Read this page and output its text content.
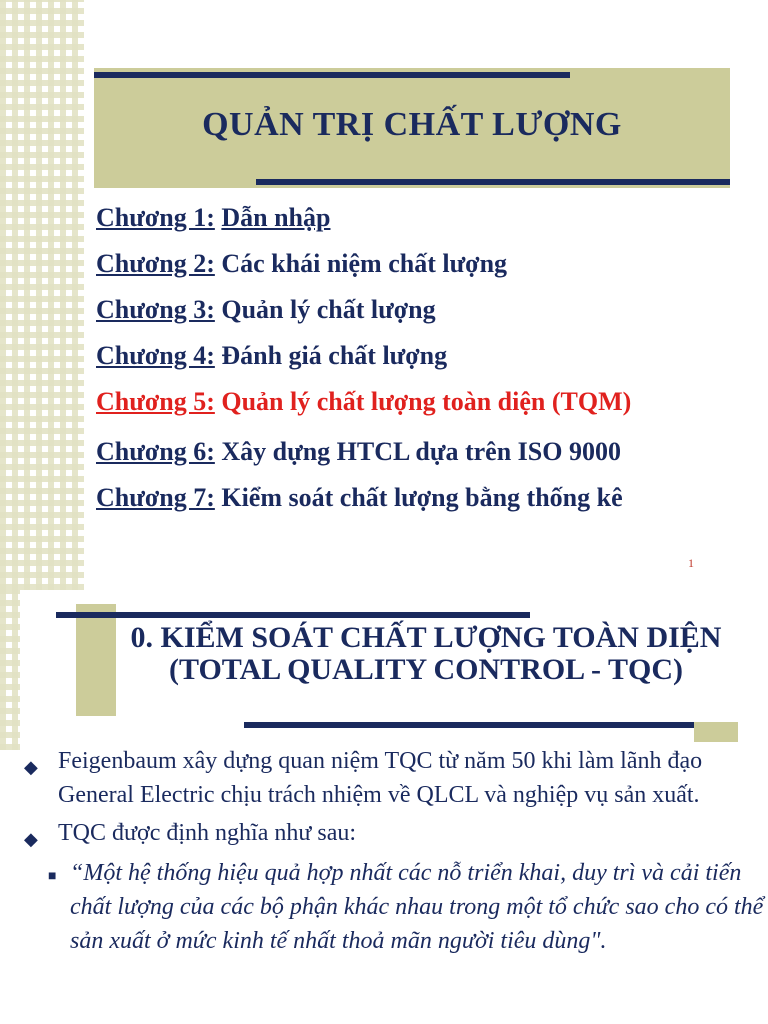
QUẢN TRỊ CHẤT LƯỢNG
Chương 1: Dẫn nhập
Chương 2: Các khái niệm chất lượng
Chương 3: Quản lý chất lượng
Chương 4: Đánh giá chất lượng
Chương 5: Quản lý chất lượng toàn diện (TQM)
Chương 6: Xây dựng HTCL dựa trên ISO 9000
Chương 7: Kiểm soát chất lượng bằng thống kê
1
0. KIỂM SOÁT CHẤT LƯỢNG TOÀN DIỆN (TOTAL QUALITY CONTROL - TQC)
◆ Feigenbaum xây dựng quan niệm TQC từ năm 50 khi làm lãnh đạo General Electric chịu trách nhiệm về QLCL và nghiệp vụ sản xuất.
◆ TQC được định nghĩa như sau:
■ “Một hệ thống hiệu quả hợp nhất các nỗ triển khai, duy trì và cải tiến chất lượng của các bộ phận khác nhau trong một tổ chức sao cho có thể sản xuất ở mức kinh tế nhất thoả mãn người tiêu dùng".
